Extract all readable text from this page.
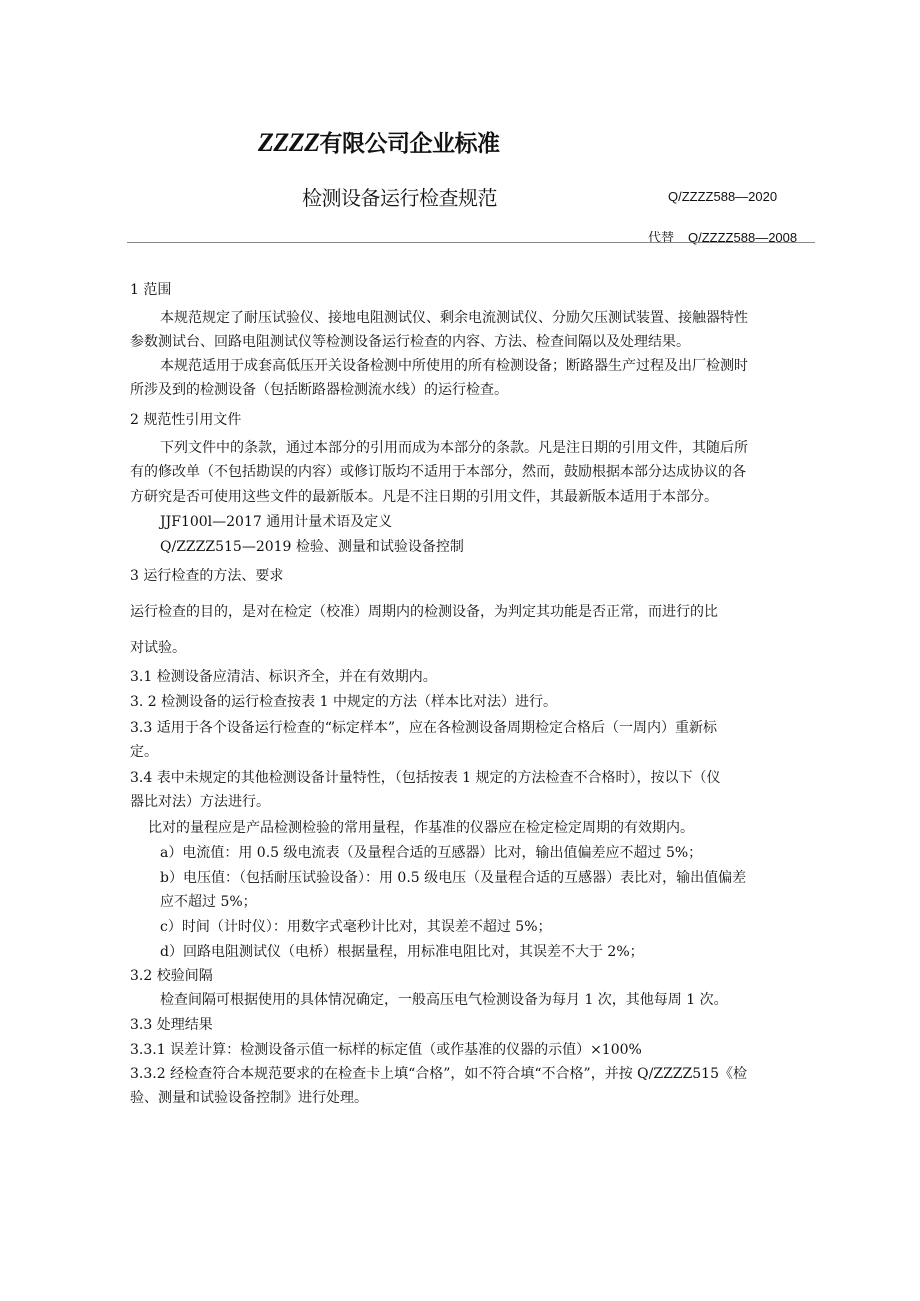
ZZZZ有限公司企业标准
检测设备运行检查规范	Q/ZZZZ588—2020
代替 Q/ZZZZ588—2008
1 范围
本规范规定了耐压试验仪、接地电阻测试仪、剩余电流测试仪、分励欠压测试装置、接触器特性
参数测试台、回路电阻测试仪等检测设备运行检查的内容、方法、检查间隔以及处理结果。
本规范适用于成套高低压开关设备检测中所使用的所有检测设备；断路器生产过程及出厂检测时
所涉及到的检测设备（包括断路器检测流水线）的运行检查。
2 规范性引用文件
下列文件中的条款，通过本部分的引用而成为本部分的条款。凡是注日期的引用文件，其随后所
有的修改单（不包括勘误的内容）或修订版均不适用于本部分，然而，鼓励根据本部分达成协议的各
方研究是否可使用这些文件的最新版本。凡是不注日期的引用文件，其最新版本适用于本部分。
JJF100l—2017 通用计量术语及定义
Q/ZZZZ515—2019 检验、测量和试验设备控制
3 运行检查的方法、要求
运行检查的目的，是对在检定（校准）周期内的检测设备，为判定其功能是否正常，而进行的比
对试验。
3.1 检测设备应清洁、标识齐全，并在有效期内。
3. 2 检测设备的运行检查按表 1 中规定的方法（样本比对法）进行。
3.3 适用于各个设备运行检查的“标定样本”，应在各检测设备周期检定合格后（一周内）重新标
定。
3.4 表中未规定的其他检测设备计量特性，（包括按表 1 规定的方法检查不合格时），按以下（仪
器比对法）方法进行。
比对的量程应是产品检测检验的常用量程，作基准的仪器应在检定检定周期的有效期内。
a）电流值：用 0.5 级电流表（及量程合适的互感器）比对，输出值偏差应不超过 5%；
b）电压值：（包括耐压试验设备）：用 0.5 级电压（及量程合适的互感器）表比对，输出值偏差
应不超过 5%；
c）时间（计时仪）：用数字式毫秒计比对，其误差不超过 5%；
d）回路电阻测试仪（电桥）根据量程，用标准电阻比对，其误差不大于 2%；
3.2 校验间隔
检查间隔可根据使用的具体情况确定，一般高压电气检测设备为每月 1 次，其他每周 1 次。
3.3 处理结果
3.3.1 误差计算：检测设备示值一标样的标定值（或作基准的仪器的示值）×100%
3.3.2 经检查符合本规范要求的在检查卡上填“合格”，如不符合填“不合格”，并按 Q/ZZZZ515《检
验、测量和试验设备控制》进行处理。
